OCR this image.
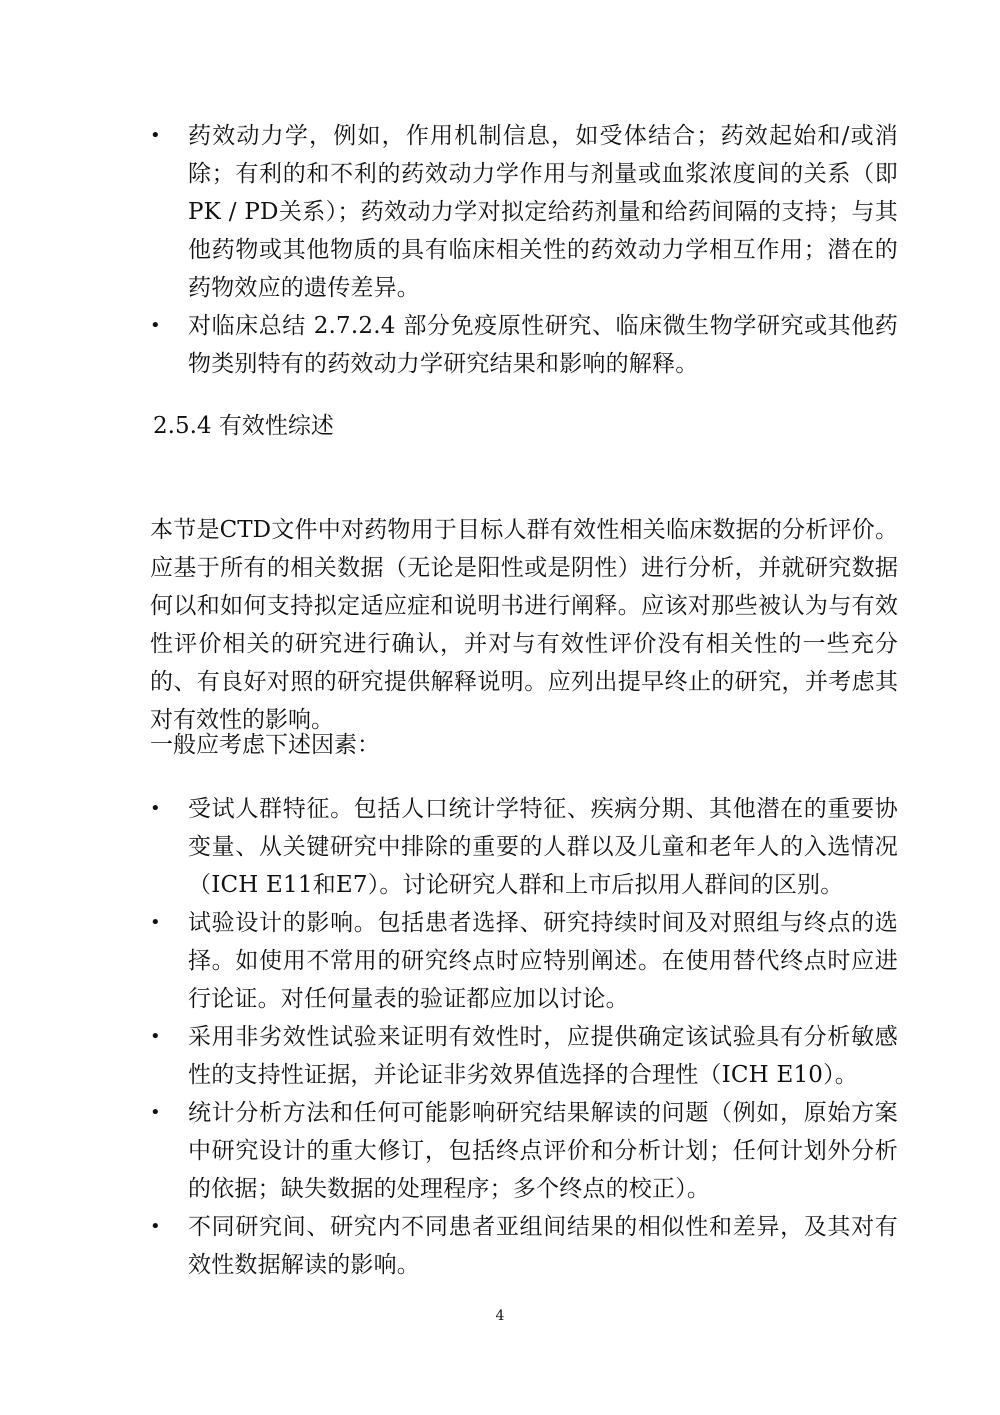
•	药效动力学，例如，作用机制信息，如受体结合；药效起始和/或消除；有利的和不利的药效动力学作用与剂量或血浆浓度间的关系（即PK / PD关系）；药效动力学对拟定给药剂量和给药间隔的支持；与其他药物或其他物质的具有临床相关性的药效动力学相互作用；潜在的药物效应的遗传差异。
•	对临床总结 2.7.2.4 部分免疫原性研究、临床微生物学研究或其他药物类别特有的药效动力学研究结果和影响的解释。
2.5.4 有效性综述

本节是CTD文件中对药物用于目标人群有效性相关临床数据的分析评价。应基于所有的相关数据（无论是阳性或是阴性）进行分析，并就研究数据何以和如何支持拟定适应症和说明书进行阐释。应该对那些被认为与有效性评价相关的研究进行确认，并对与有效性评价没有相关性的一些充分的、有良好对照的研究提供解释说明。应列出提早终止的研究，并考虑其对有效性的影响。

一般应考虑下述因素：

•	受试人群特征。包括人口统计学特征、疾病分期、其他潜在的重要协变量、从关键研究中排除的重要的人群以及儿童和老年人的入选情况（ICH E11和E7）。讨论研究人群和上市后拟用人群间的区别。
•	试验设计的影响。包括患者选择、研究持续时间及对照组与终点的选择。如使用不常用的研究终点时应特别阐述。在使用替代终点时应进行论证。对任何量表的验证都应加以讨论。
•	采用非劣效性试验来证明有效性时，应提供确定该试验具有分析敏感性的支持性证据，并论证非劣效界值选择的合理性（ICH E10）。
•	统计分析方法和任何可能影响研究结果解读的问题（例如，原始方案中研究设计的重大修订，包括终点评价和分析计划；任何计划外分析的依据；缺失数据的处理程序；多个终点的校正）。
•	不同研究间、研究内不同患者亚组间结果的相似性和差异，及其对有效性数据解读的影响。
4
